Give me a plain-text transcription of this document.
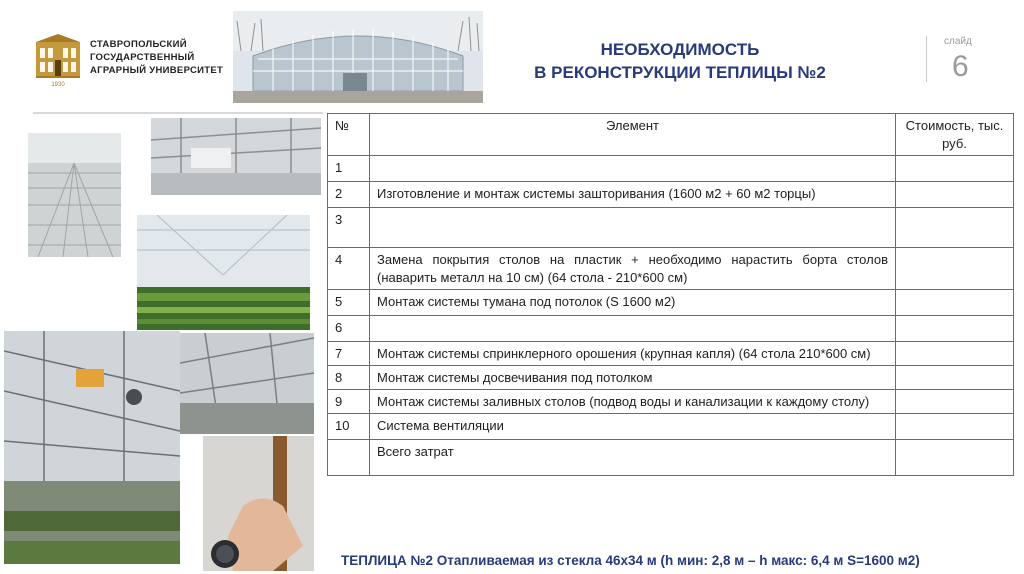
1930
СТАВРОПОЛЬСКИЙ
ГОСУДАРСТВЕННЫЙ
АГРАРНЫЙ УНИВЕРСИТЕТ
НЕОБХОДИМОСТЬ
В РЕКОНСТРУКЦИИ ТЕПЛИЦЫ №2
слайд
6
№	Элемент	Стоимость, тыс. руб.
1		
2	Изготовление и монтаж системы зашторивания (1600 м2 + 60 м2 торцы)	
3		
4	Замена покрытия столов на пластик + необходимо нарастить борта столов (наварить металл на 10 см) (64 стола - 210*600 см)	
5	Монтаж системы тумана под потолок (S 1600 м2)	
6		
7	Монтаж системы спринклерного орошения (крупная капля) (64 стола 210*600 см)	
8	Монтаж системы досвечивания под потолком	
9	Монтаж системы заливных столов (подвод воды и канализации к каждому столу)	
10	Система вентиляции	
	Всего затрат	
ТЕПЛИЦА №2 Отапливаемая из стекла 46х34 м (h мин: 2,8 м – h макс: 6,4 м S=1600 м2)
